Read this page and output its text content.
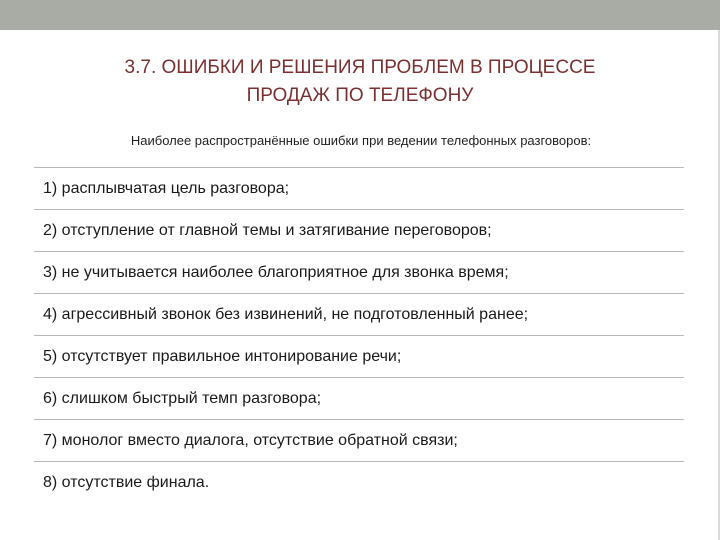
3.7. ОШИБКИ И РЕШЕНИЯ ПРОБЛЕМ В ПРОЦЕССЕ
ПРОДАЖ ПО ТЕЛЕФОНУ

Наиболее распространённые ошибки при ведении телефонных разговоров:

1) расплывчатая цель разговора;
2) отступление от главной темы и затягивание переговоров;
3) не учитывается наиболее благоприятное для звонка время;
4) агрессивный звонок без извинений, не подготовленный ранее;
5) отсутствует правильное интонирование речи;
6) слишком быстрый темп разговора;
7) монолог вместо диалога, отсутствие обратной связи;
8) отсутствие финала.
